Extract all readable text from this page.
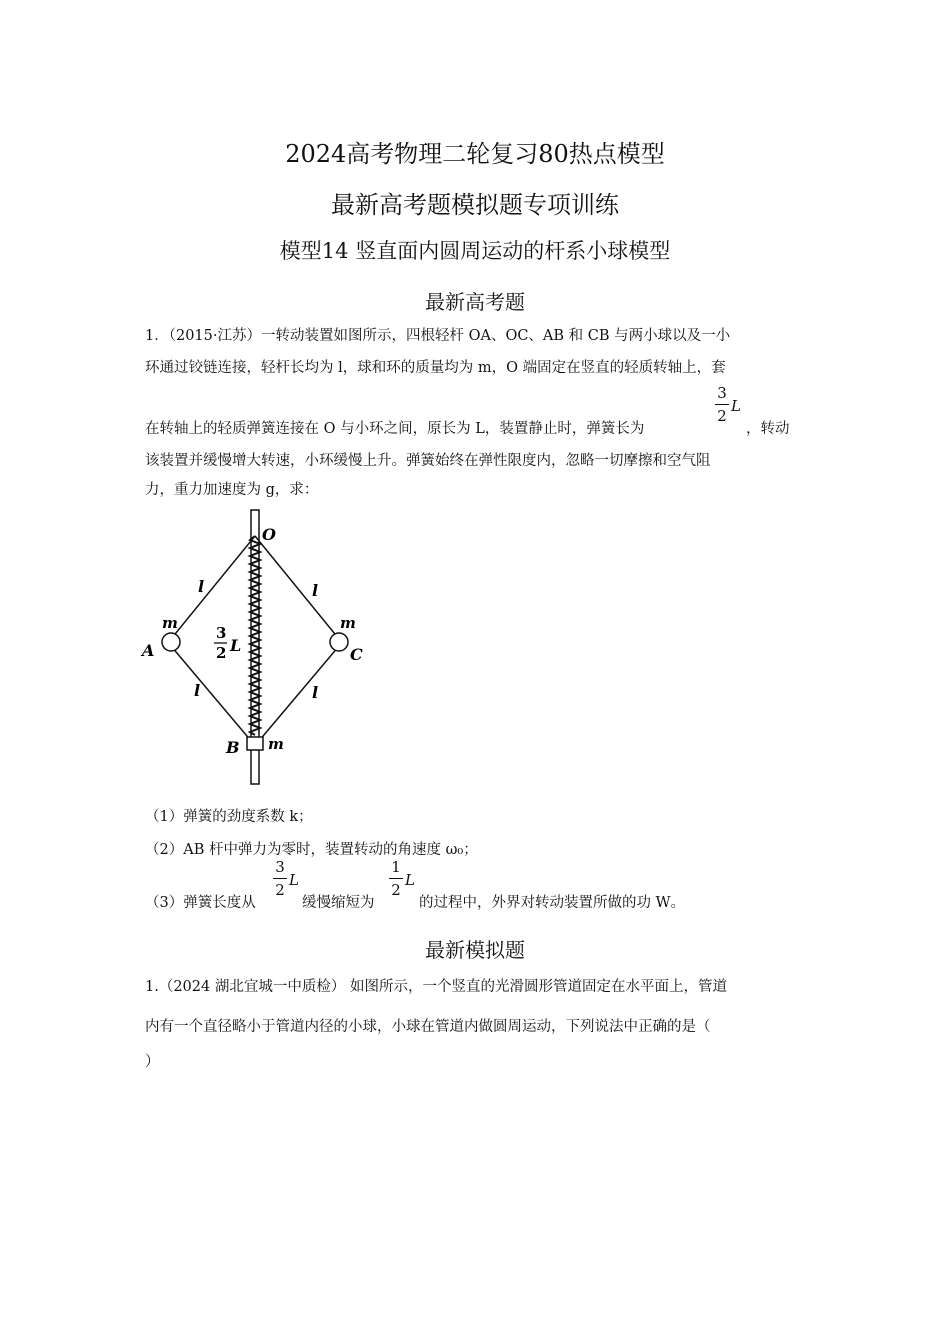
2024高考物理二轮复习80热点模型
最新高考题模拟题专项训练
模型14 竖直面内圆周运动的杆系小球模型
最新高考题
1．（2015·江苏）一转动装置如图所示，四根轻杆 OA、OC、AB 和 CB 与两小球以及一小
环通过铰链连接，轻杆长均为 l，球和环的质量均为 m，O 端固定在竖直的轻质转轴上，套
3
2
L
在转轴上的轻质弹簧连接在 O 与小环之间，原长为 L，装置静止时，弹簧长为	，转动
该装置并缓慢增大转速，小环缓慢上升。弹簧始终在弹性限度内，忽略一切摩擦和空气阻
力，重力加速度为 g，求：
O
A	C
B
m	m
m
l	l
l	l
3
2 L
（1）弹簧的劲度系数 k；
（2）AB 杆中弹力为零时，装置转动的角速度 ω₀；
（3）弹簧长度从
3
2
L
缓慢缩短为
1
2
L
的过程中，外界对转动装置所做的功 W。
最新模拟题
1.（2024 湖北宜城一中质检） 如图所示，一个竖直的光滑圆形管道固定在水平面上，管道
内有一个直径略小于管道内径的小球，小球在管道内做圆周运动，下列说法中正确的是（
）
